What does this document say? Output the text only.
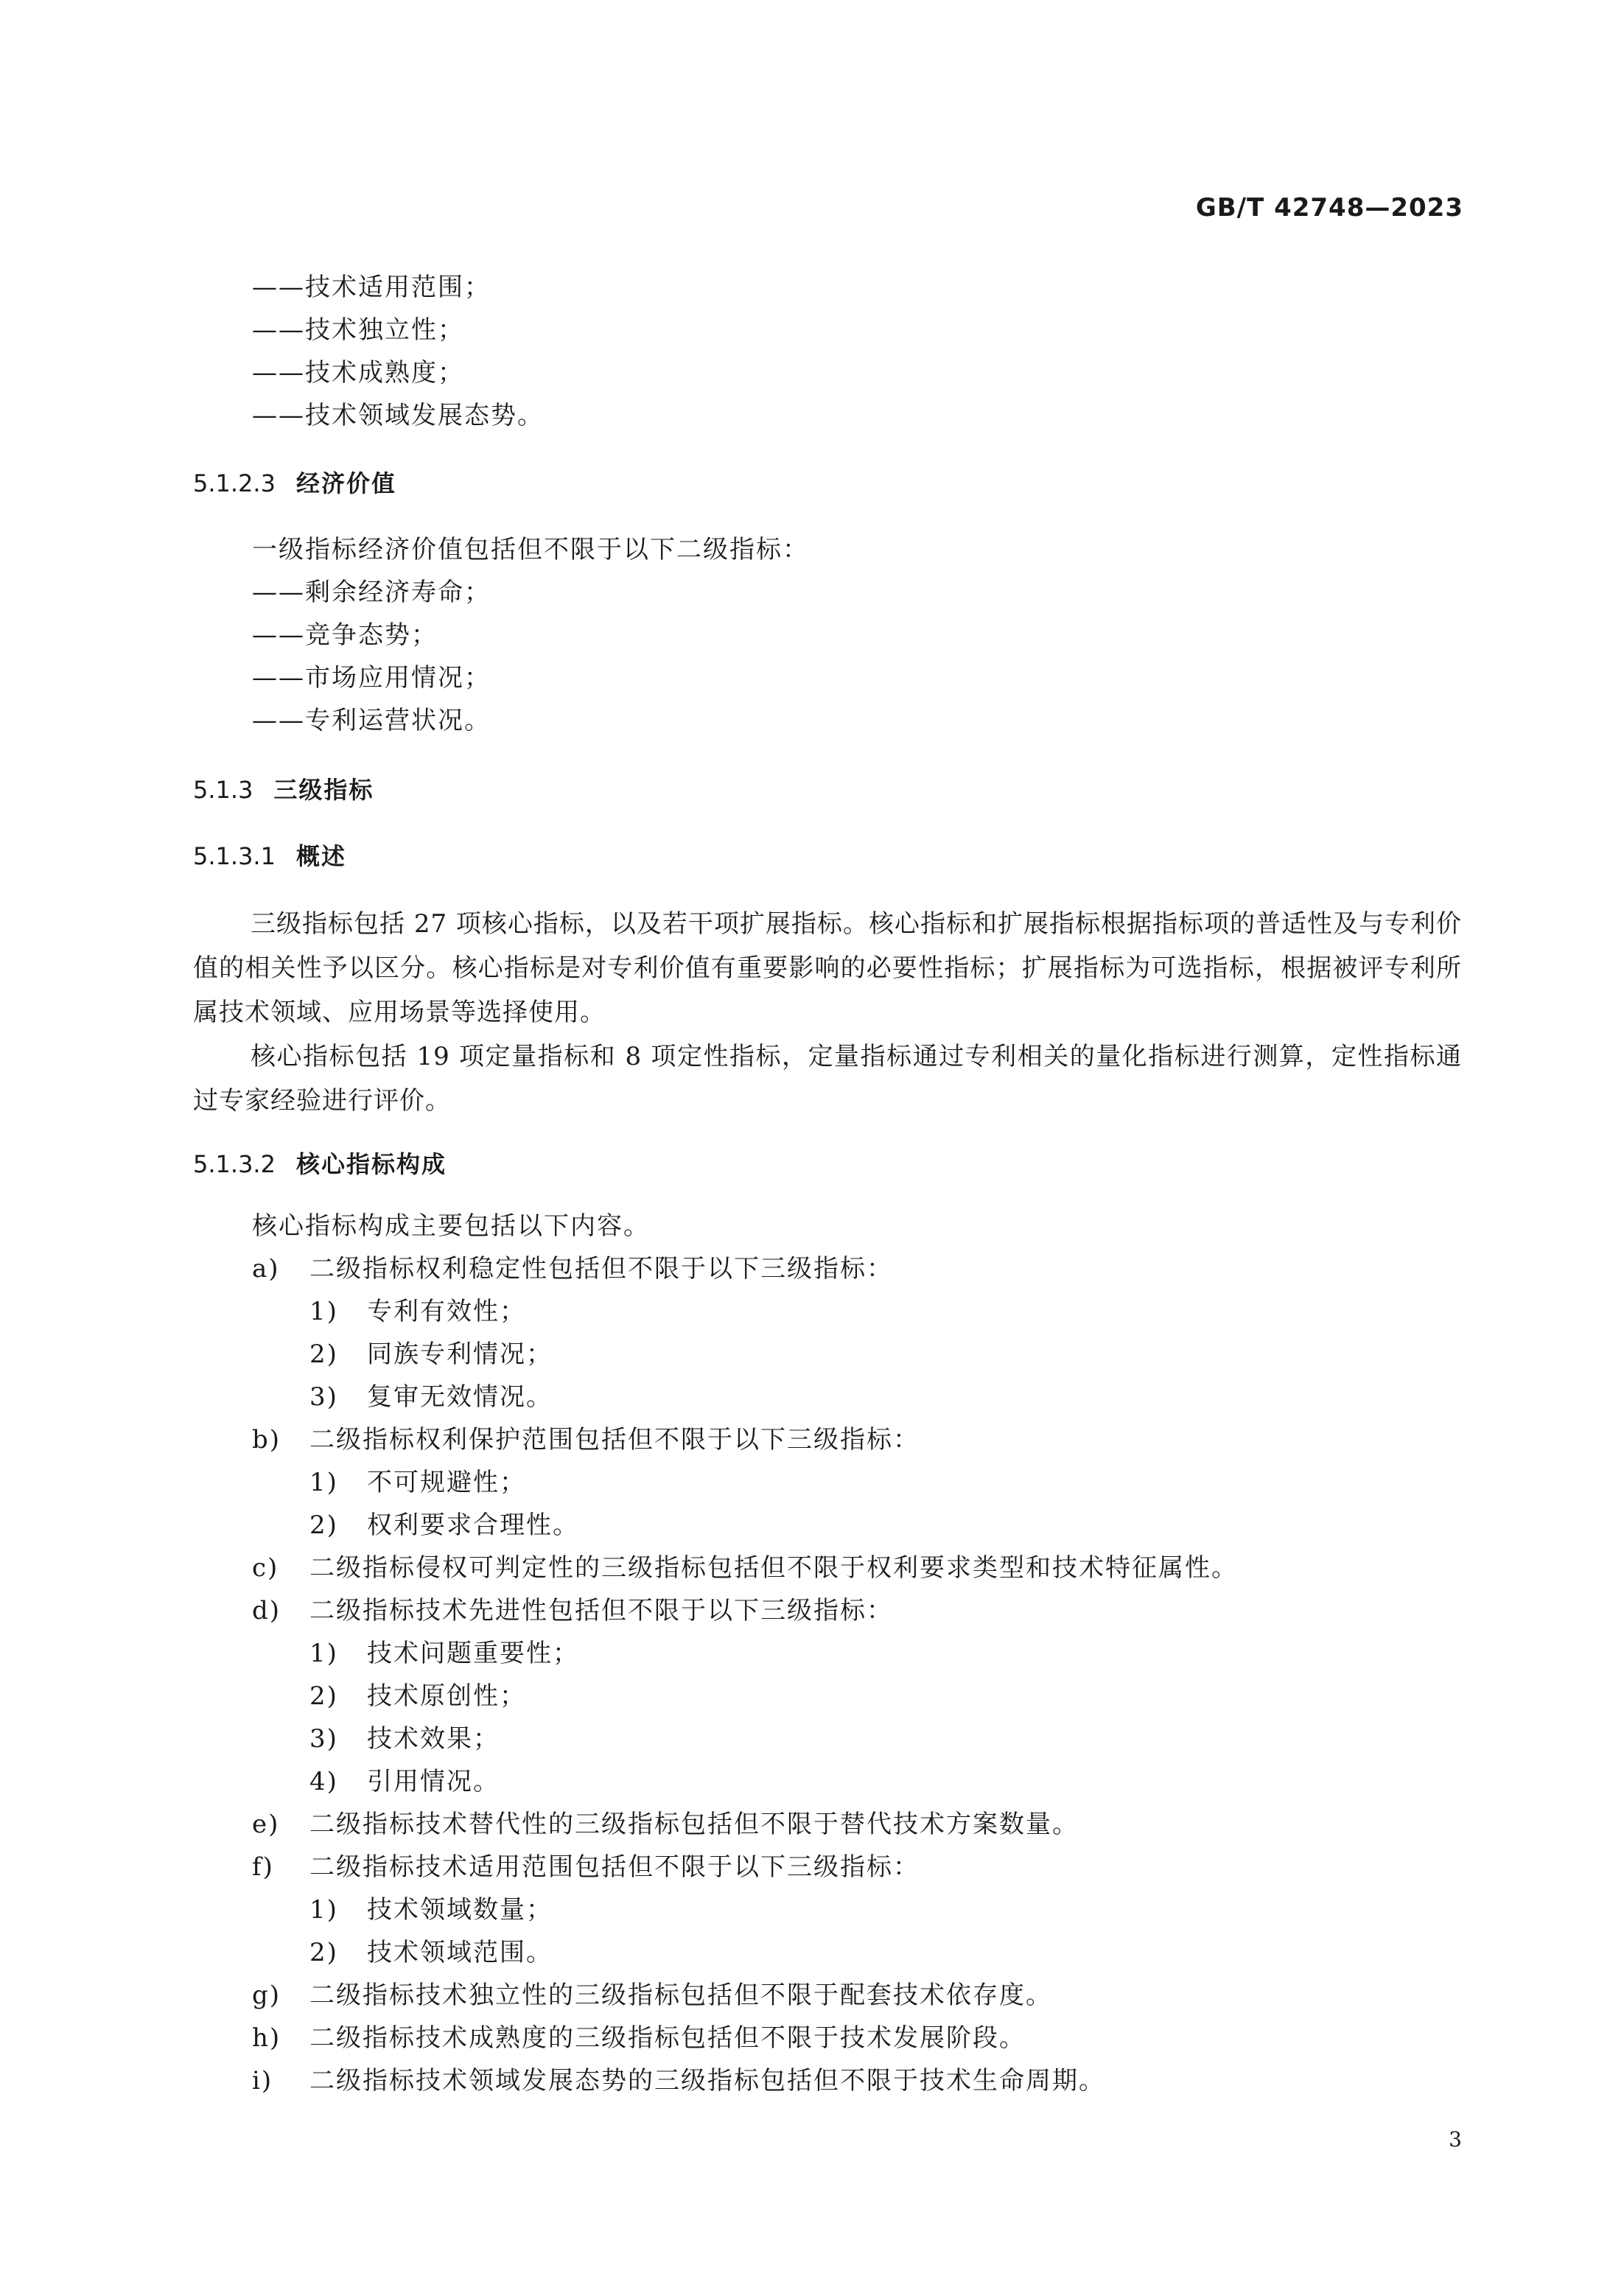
GB/T 42748—2023
——技术适用范围；
——技术独立性；
——技术成熟度；
——技术领域发展态势。
5.1.2.3 经济价值
一级指标经济价值包括但不限于以下二级指标：
——剩余经济寿命；
——竞争态势；
——市场应用情况；
——专利运营状况。
5.1.3 三级指标
5.1.3.1 概述
三级指标包括 27 项核心指标，以及若干项扩展指标。核心指标和扩展指标根据指标项的普适性及与专利价值的相关性予以区分。核心指标是对专利价值有重要影响的必要性指标；扩展指标为可选指标，根据被评专利所属技术领域、应用场景等选择使用。
核心指标包括 19 项定量指标和 8 项定性指标，定量指标通过专利相关的量化指标进行测算，定性指标通过专家经验进行评价。
5.1.3.2 核心指标构成
核心指标构成主要包括以下内容。
a) 二级指标权利稳定性包括但不限于以下三级指标：
1) 专利有效性；
2) 同族专利情况；
3) 复审无效情况。
b) 二级指标权利保护范围包括但不限于以下三级指标：
1) 不可规避性；
2) 权利要求合理性。
c) 二级指标侵权可判定性的三级指标包括但不限于权利要求类型和技术特征属性。
d) 二级指标技术先进性包括但不限于以下三级指标：
1) 技术问题重要性；
2) 技术原创性；
3) 技术效果；
4) 引用情况。
e) 二级指标技术替代性的三级指标包括但不限于替代技术方案数量。
f) 二级指标技术适用范围包括但不限于以下三级指标：
1) 技术领域数量；
2) 技术领域范围。
g) 二级指标技术独立性的三级指标包括但不限于配套技术依存度。
h) 二级指标技术成熟度的三级指标包括但不限于技术发展阶段。
i) 二级指标技术领域发展态势的三级指标包括但不限于技术生命周期。
3
